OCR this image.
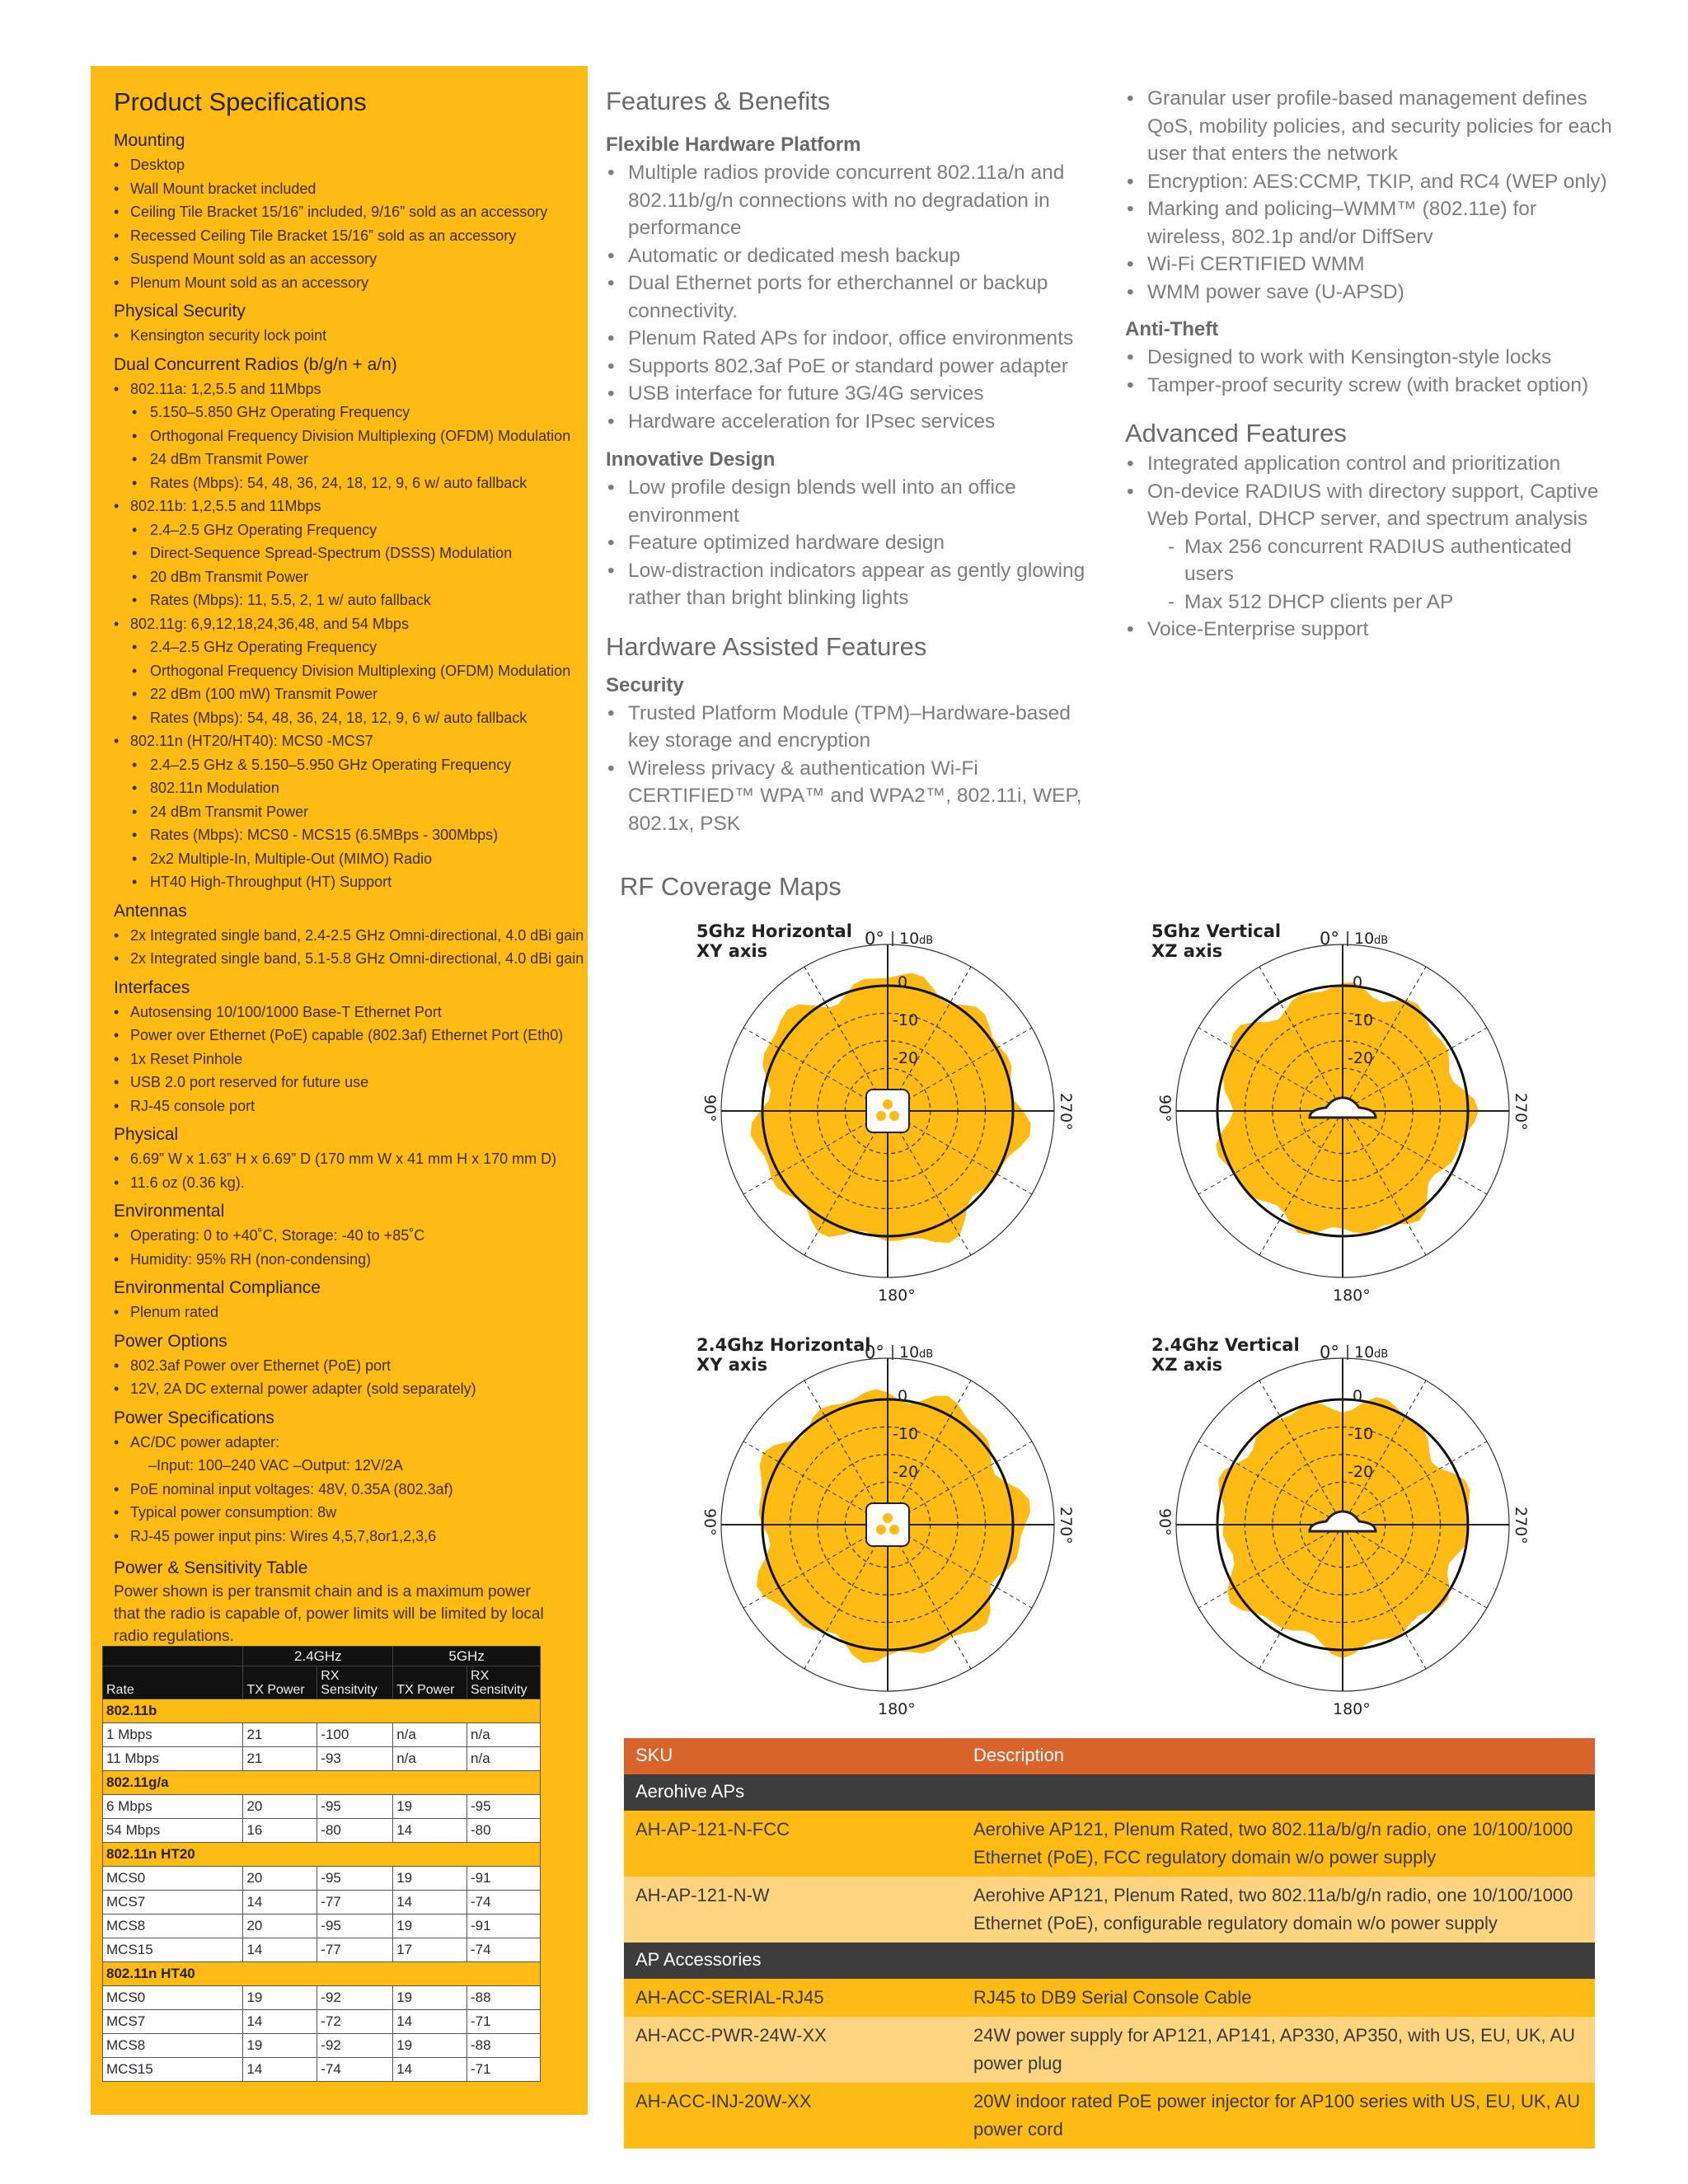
Product Specifications
Mounting
• Desktop
• Wall Mount bracket included
• Ceiling Tile Bracket 15/16” included, 9/16” sold as an accessory
• Recessed Ceiling Tile Bracket 15/16” sold as an accessory
• Suspend Mount sold as an accessory
• Plenum Mount sold as an accessory
Physical Security
• Kensington security lock point
Dual Concurrent Radios (b/g/n + a/n)
• 802.11a: 1,2,5.5 and 11Mbps
• 5.150–5.850 GHz Operating Frequency
• Orthogonal Frequency Division Multiplexing (OFDM) Modulation
• 24 dBm Transmit Power
• Rates (Mbps): 54, 48, 36, 24, 18, 12, 9, 6 w/ auto fallback
• 802.11b: 1,2,5.5 and 11Mbps
• 2.4–2.5 GHz Operating Frequency
• Direct-Sequence Spread-Spectrum (DSSS) Modulation
• 20 dBm Transmit Power
• Rates (Mbps): 11, 5.5, 2, 1 w/ auto fallback
• 802.11g: 6,9,12,18,24,36,48, and 54 Mbps
• 2.4–2.5 GHz Operating Frequency
• Orthogonal Frequency Division Multiplexing (OFDM) Modulation
• 22 dBm (100 mW) Transmit Power
• Rates (Mbps): 54, 48, 36, 24, 18, 12, 9, 6 w/ auto fallback
• 802.11n (HT20/HT40): MCS0 -MCS7
• 2.4–2.5 GHz & 5.150–5.950 GHz Operating Frequency
• 802.11n Modulation
• 24 dBm Transmit Power
• Rates (Mbps): MCS0 - MCS15 (6.5MBps - 300Mbps)
• 2x2 Multiple-In, Multiple-Out (MIMO) Radio
• HT40 High-Throughput (HT) Support
Antennas
• 2x Integrated single band, 2.4-2.5 GHz Omni-directional, 4.0 dBi gain
• 2x Integrated single band, 5.1-5.8 GHz Omni-directional, 4.0 dBi gain
Interfaces
• Autosensing 10/100/1000 Base-T Ethernet Port
• Power over Ethernet (PoE) capable (802.3af) Ethernet Port (Eth0)
• 1x Reset Pinhole
• USB 2.0 port reserved for future use
• RJ-45 console port
Physical
• 6.69” W x 1.63” H x 6.69” D (170 mm W x 41 mm H x 170 mm D)
• 11.6 oz (0.36 kg).
Environmental
• Operating: 0 to +40˚C, Storage: -40 to +85˚C
• Humidity: 95% RH (non-condensing)
Environmental Compliance
• Plenum rated
Power Options
• 802.3af Power over Ethernet (PoE) port
• 12V, 2A DC external power adapter (sold separately)
Power Specifications
• AC/DC power adapter:
–Input: 100–240 VAC –Output: 12V/2A
• PoE nominal input voltages: 48V, 0.35A (802.3af)
• Typical power consumption: 8w
• RJ-45 power input pins: Wires 4,5,7,8or1,2,3,6
Power & Sensitivity Table

Power shown is per transmit chain and is a maximum power that the radio is capable of, power limits will be limited by local radio regulations.

	2.4GHz		5GHz	
Rate	TX Power	RX Sensitvity	TX Power	RX Sensitvity
802.11b				
1 Mbps	21	-100	n/a	n/a
11 Mbps	21	-93	n/a	n/a
802.11g/a				
6 Mbps	20	-95	19	-95
54 Mbps	16	-80	14	-80
802.11n HT20				
MCS0	20	-95	19	-91
MCS7	14	-77	14	-74
MCS8	20	-95	19	-91
MCS15	14	-77	17	-74
802.11n HT40				
MCS0	19	-92	19	-88
MCS7	14	-72	14	-71
MCS8	19	-92	19	-88
MCS15	14	-74	14	-71
Features & Benefits
Flexible Hardware Platform
• Multiple radios provide concurrent 802.11a/n and 802.11b/g/n connections with no degradation in performance
• Automatic or dedicated mesh backup
• Dual Ethernet ports for etherchannel or backup connectivity.
• Plenum Rated APs for indoor, office environments
• Supports 802.3af PoE or standard power adapter
• USB interface for future 3G/4G services
• Hardware acceleration for IPsec services
Innovative Design
• Low profile design blends well into an office environment
• Feature optimized hardware design
• Low-distraction indicators appear as gently glowing rather than bright blinking lights
Hardware Assisted Features
Security
• Trusted Platform Module (TPM)–Hardware-based key storage and encryption
• Wireless privacy & authentication Wi-Fi CERTIFIED™ WPA™ and WPA2™, 802.11i, WEP, 802.1x, PSK
• Granular user profile-based management defines QoS, mobility policies, and security policies for each user that enters the network
• Encryption: AES:CCMP, TKIP, and RC4 (WEP only)
• Marking and policing–WMM™ (802.11e) for wireless, 802.1p and/or DiffServ
• Wi-Fi CERTIFIED WMM
• WMM power save (U-APSD)
Anti-Theft
• Designed to work with Kensington-style locks
• Tamper-proof security screw (with bracket option)
Advanced Features
• Integrated application control and prioritization
• On-device RADIUS with directory support, Captive Web Portal, DHCP server, and spectrum analysis
- Max 256 concurrent RADIUS authenticated users
- Max 512 DHCP clients per AP
• Voice-Enterprise support
RF Coverage Maps
0° 10 dB
0
-10
-20
180°
90°	270°
5Ghz Horizontal
XY axis
0° 10 dB
0
-10
-20
180°
90°	270°
5Ghz Vertical
XZ axis
0° 10 dB
0
-10
-20
180°
90°	270°
2.4Ghz Horizontal
XY axis
0° 10 dB
0
-10
-20
180°
90°	270°
2.4Ghz Vertical
XZ axis
SKU	Description
Aerohive APs	
AH-AP-121-N-FCC	Aerohive AP121, Plenum Rated, two 802.11a/b/g/n radio, one 10/100/1000 Ethernet (PoE), FCC regulatory domain w/o power supply
AH-AP-121-N-W	Aerohive AP121, Plenum Rated, two 802.11a/b/g/n radio, one 10/100/1000 Ethernet (PoE), configurable regulatory domain w/o power supply
AP Accessories	
AH-ACC-SERIAL-RJ45	RJ45 to DB9 Serial Console Cable
AH-ACC-PWR-24W-XX	24W power supply for AP121, AP141, AP330, AP350, with US, EU, UK, AU power plug
AH-ACC-INJ-20W-XX	20W indoor rated PoE power injector for AP100 series with US, EU, UK, AU power cord
